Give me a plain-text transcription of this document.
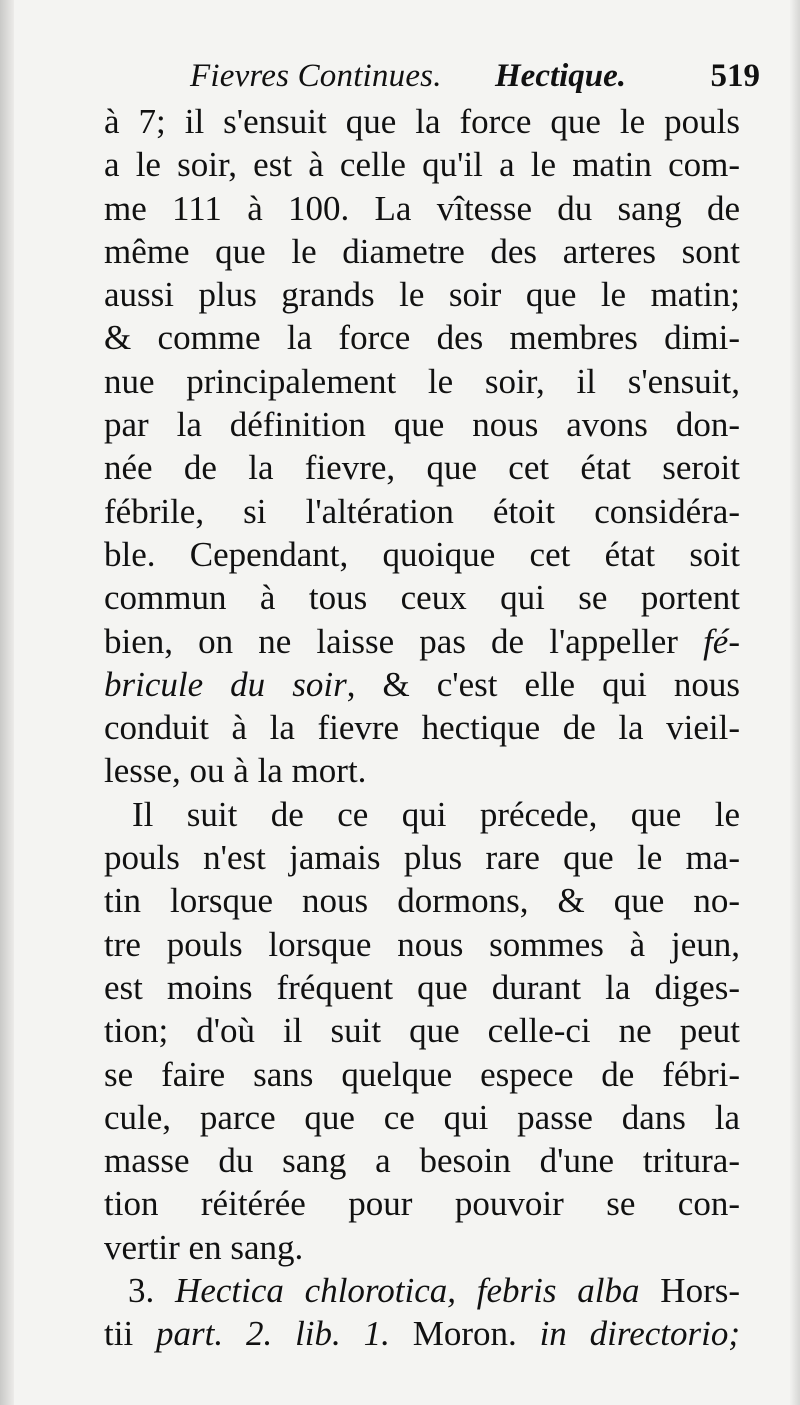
Fievres Continues. Hectique.	519
à 7; il s'ensuit que la force que le pouls
a le soir, est à celle qu'il a le matin com-
me 111 à 100. La vîtesse du sang de
même que le diametre des arteres sont
aussi plus grands le soir que le matin;
& comme la force des membres dimi-
nue principalement le soir, il s'ensuit,
par la définition que nous avons don-
née de la fievre, que cet état seroit
fébrile, si l'altération étoit considéra-
ble. Cependant, quoique cet état soit
commun à tous ceux qui se portent
bien, on ne laisse pas de l'appeller fé-
bricule du soir, & c'est elle qui nous
conduit à la fievre hectique de la vieil-
lesse, ou à la mort.
Il suit de ce qui précede, que le
pouls n'est jamais plus rare que le ma-
tin lorsque nous dormons, & que no-
tre pouls lorsque nous sommes à jeun,
est moins fréquent que durant la diges-
tion; d'où il suit que celle-ci ne peut
se faire sans quelque espece de fébri-
cule, parce que ce qui passe dans la
masse du sang a besoin d'une tritura-
tion réitérée pour pouvoir se con-
vertir en sang.
3. Hectica chlorotica, febris alba Hors-
tii part. 2. lib. 1. Moron. in directorio;
